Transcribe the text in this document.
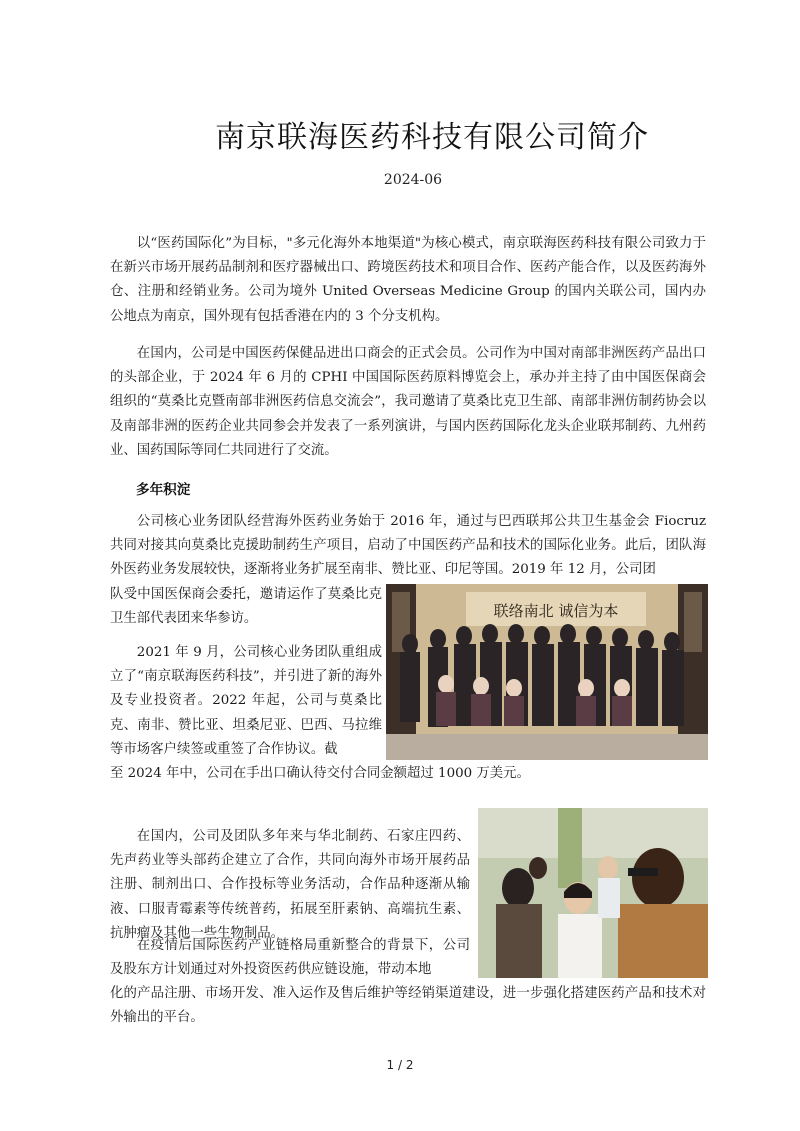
南京联海医药科技有限公司简介
2024-06

以“医药国际化”为目标，"多元化海外本地渠道"为核心模式，南京联海医药科技有限公司致力于在新兴市场开展药品制剂和医疗器械出口、跨境医药技术和项目合作、医药产能合作，以及医药海外仓、注册和经销业务。公司为境外 United Overseas Medicine Group 的国内关联公司，国内办公地点为南京，国外现有包括香港在内的 3 个分支机构。

在国内，公司是中国医药保健品进出口商会的正式会员。公司作为中国对南部非洲医药产品出口的头部企业，于 2024 年 6 月的 CPHI 中国国际医药原料博览会上，承办并主持了由中国医保商会组织的“莫桑比克暨南部非洲医药信息交流会”，我司邀请了莫桑比克卫生部、南部非洲仿制药协会以及南部非洲的医药企业共同参会并发表了一系列演讲，与国内医药国际化龙头企业联邦制药、九州药业、国药国际等同仁共同进行了交流。

多年积淀

公司核心业务团队经营海外医药业务始于 2016 年，通过与巴西联邦公共卫生基金会 Fiocruz 共同对接其向莫桑比克援助制药生产项目，启动了中国医药产品和技术的国际化业务。此后，团队海外医药业务发展较快，逐渐将业务扩展至南非、赞比亚、印尼等国。2019 年 12 月，公司团

队受中国医保商会委托，邀请运作了莫桑比克卫生部代表团来华参访。	联络南北 诚信为本

2021 年 9 月，公司核心业务团队重组成立了“南京联海医药科技”，并引进了新的海外及专业投资者。2022 年起，公司与莫桑比克、南非、赞比亚、坦桑尼亚、巴西、马拉维等市场客户续签或重签了合作协议。截

至 2024 年中，公司在手出口确认待交付合同金额超过 1000 万美元。

在国内，公司及团队多年来与华北制药、石家庄四药、先声药业等头部药企建立了合作，共同向海外市场开展药品注册、制剂出口、合作投标等业务活动，合作品种逐渐从输液、口服青霉素等传统普药，拓展至肝素钠、高端抗生素、抗肿瘤及其他一些生物制品。

在疫情后国际医药产业链格局重新整合的背景下，公司及股东方计划通过对外投资医药供应链设施，带动本地

化的产品注册、市场开发、准入运作及售后维护等经销渠道建设，进一步强化搭建医药产品和技术对外输出的平台。

1 / 2
